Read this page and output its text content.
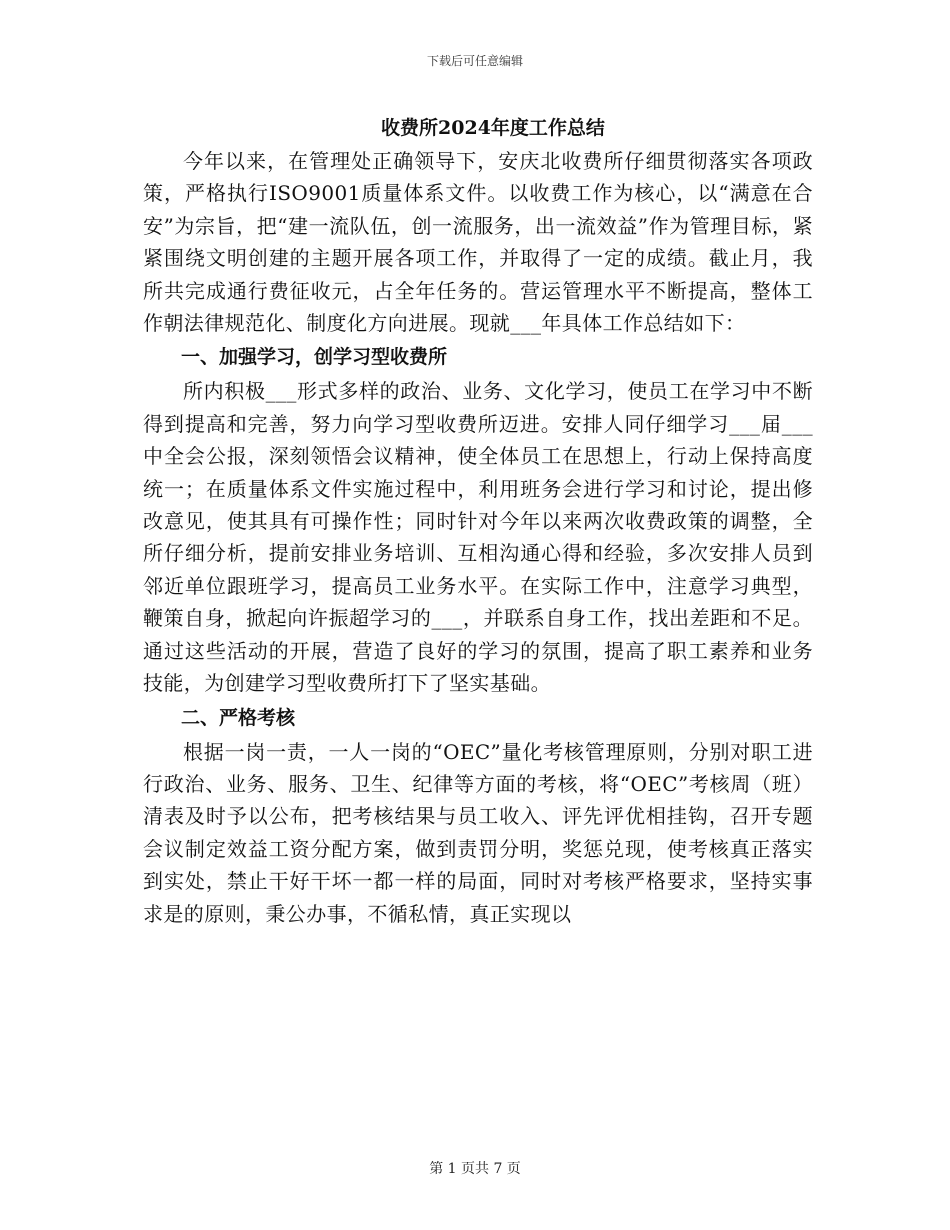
下载后可任意编辑
收费所2024年度工作总结

今年以来，在管理处正确领导下，安庆北收费所仔细贯彻落实各项政策，严格执行ISO9001质量体系文件。以收费工作为核心，以“满意在合安”为宗旨，把“建一流队伍，创一流服务，出一流效益”作为管理目标，紧紧围绕文明创建的主题开展各项工作，并取得了一定的成绩。截止月，我所共完成通行费征收元，占全年任务的。营运管理水平不断提高，整体工作朝法律规范化、制度化方向进展。现就___年具体工作总结如下：

一、加强学习，创学习型收费所

所内积极___形式多样的政治、业务、文化学习，使员工在学习中不断得到提高和完善，努力向学习型收费所迈进。安排人同仔细学习___届___中全会公报，深刻领悟会议精神，使全体员工在思想上，行动上保持高度统一；在质量体系文件实施过程中，利用班务会进行学习和讨论，提出修改意见，使其具有可操作性；同时针对今年以来两次收费政策的调整，全所仔细分析，提前安排业务培训、互相沟通心得和经验，多次安排人员到邻近单位跟班学习，提高员工业务水平。在实际工作中，注意学习典型，鞭策自身，掀起向许振超学习的___，并联系自身工作，找出差距和不足。通过这些活动的开展，营造了良好的学习的氛围，提高了职工素养和业务技能，为创建学习型收费所打下了坚实基础。

二、严格考核

根据一岗一责，一人一岗的“OEC”量化考核管理原则，分别对职工进行政治、业务、服务、卫生、纪律等方面的考核，将“OEC”考核周（班）清表及时予以公布，把考核结果与员工收入、评先评优相挂钩，召开专题会议制定效益工资分配方案，做到责罚分明，奖惩兑现，使考核真正落实到实处，禁止干好干坏一都一样的局面，同时对考核严格要求，坚持实事求是的原则，秉公办事，不循私情，真正实现以

第 1 页共 7 页
